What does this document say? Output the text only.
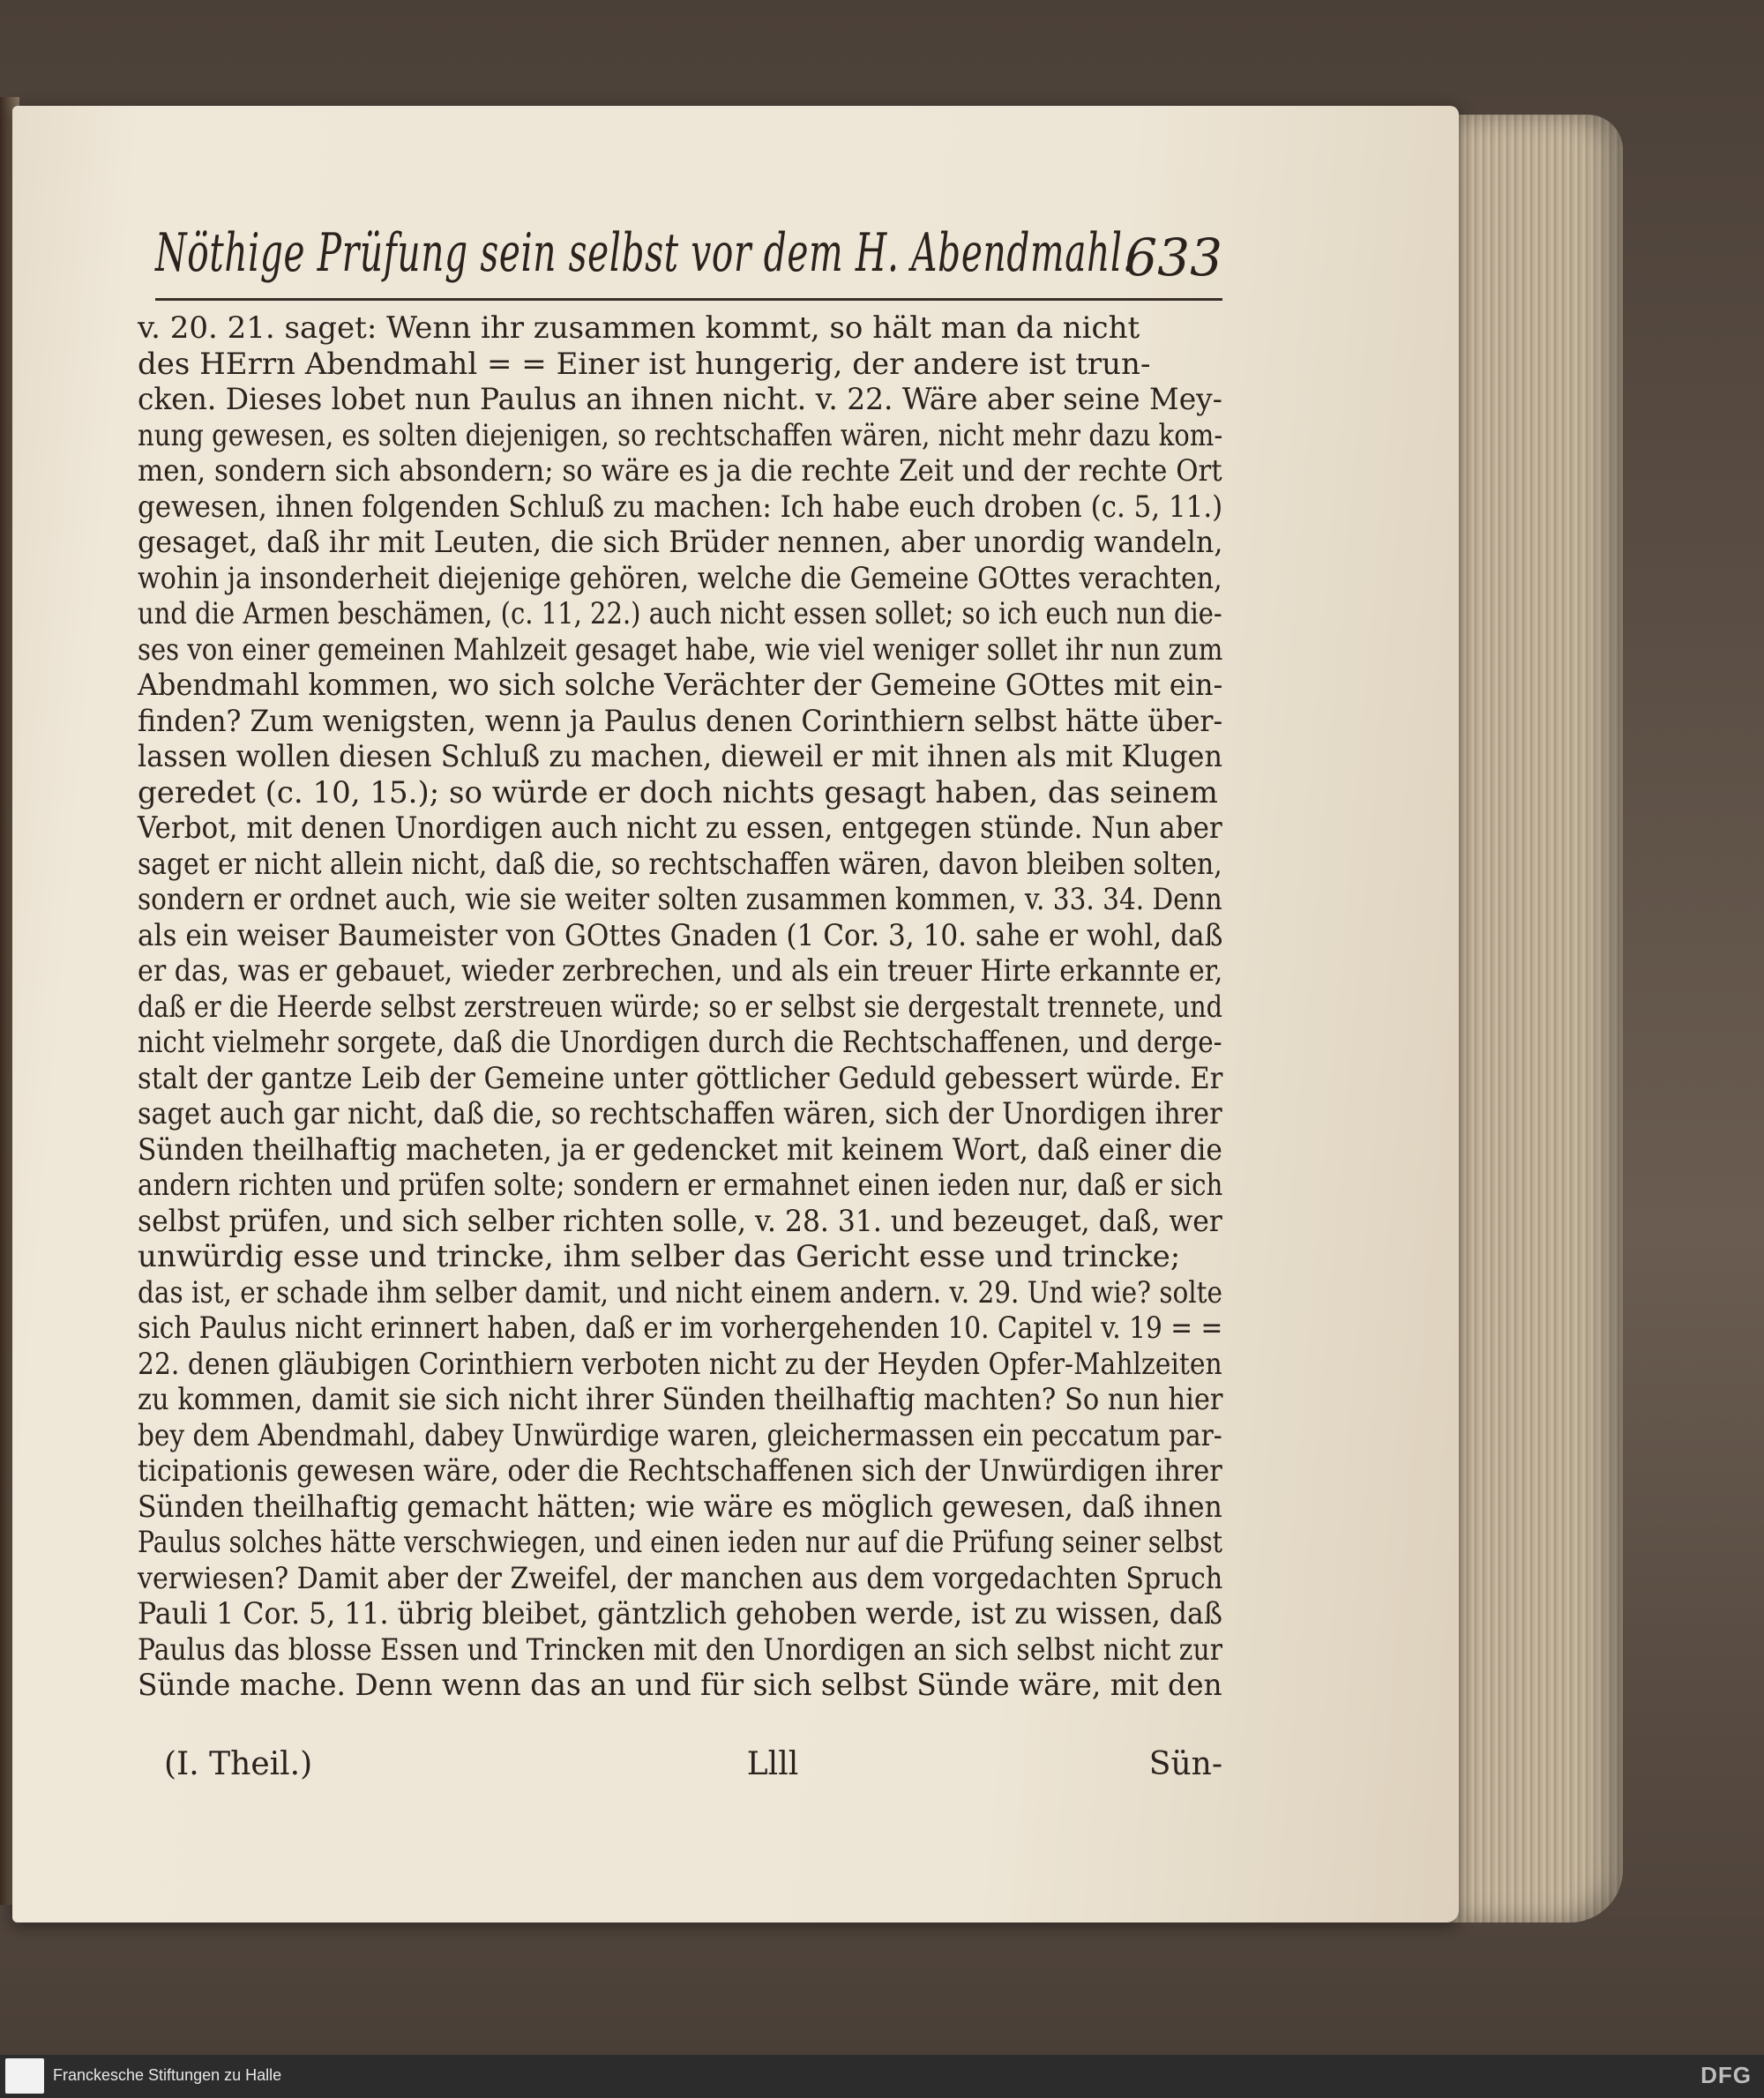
Nöthige Prüfung sein selbst vor dem H. Abendmahl.
633
v. 20. 21. saget: Wenn ihr zusammen kommt, so hält man da nicht
des HErrn Abendmahl = = Einer ist hungerig, der andere ist trun-
cken. Dieses lobet nun Paulus an ihnen nicht. v. 22. Wäre aber seine Mey-
nung gewesen, es solten diejenigen, so rechtschaffen wären, nicht mehr dazu kom-
men, sondern sich absondern; so wäre es ja die rechte Zeit und der rechte Ort
gewesen, ihnen folgenden Schluß zu machen: Ich habe euch droben (c. 5, 11.)
gesaget, daß ihr mit Leuten, die sich Brüder nennen, aber unordig wandeln,
wohin ja insonderheit diejenige gehören, welche die Gemeine GOttes verachten,
und die Armen beschämen, (c. 11, 22.) auch nicht essen sollet; so ich euch nun die-
ses von einer gemeinen Mahlzeit gesaget habe, wie viel weniger sollet ihr nun zum
Abendmahl kommen, wo sich solche Verächter der Gemeine GOttes mit ein-
finden? Zum wenigsten, wenn ja Paulus denen Corinthiern selbst hätte über-
lassen wollen diesen Schluß zu machen, dieweil er mit ihnen als mit Klugen
geredet (c. 10, 15.); so würde er doch nichts gesagt haben, das seinem
Verbot, mit denen Unordigen auch nicht zu essen, entgegen stünde. Nun aber
saget er nicht allein nicht, daß die, so rechtschaffen wären, davon bleiben solten,
sondern er ordnet auch, wie sie weiter solten zusammen kommen, v. 33. 34. Denn
als ein weiser Baumeister von GOttes Gnaden (1 Cor. 3, 10. sahe er wohl, daß
er das, was er gebauet, wieder zerbrechen, und als ein treuer Hirte erkannte er,
daß er die Heerde selbst zerstreuen würde; so er selbst sie dergestalt trennete, und
nicht vielmehr sorgete, daß die Unordigen durch die Rechtschaffenen, und derge-
stalt der gantze Leib der Gemeine unter göttlicher Geduld gebessert würde. Er
saget auch gar nicht, daß die, so rechtschaffen wären, sich der Unordigen ihrer
Sünden theilhaftig macheten, ja er gedencket mit keinem Wort, daß einer die
andern richten und prüfen solte; sondern er ermahnet einen ieden nur, daß er sich
selbst prüfen, und sich selber richten solle, v. 28. 31. und bezeuget, daß, wer
unwürdig esse und trincke, ihm selber das Gericht esse und trincke;
das ist, er schade ihm selber damit, und nicht einem andern. v. 29. Und wie? solte
sich Paulus nicht erinnert haben, daß er im vorhergehenden 10. Capitel v. 19 = =
22. denen gläubigen Corinthiern verboten nicht zu der Heyden Opfer-Mahlzeiten
zu kommen, damit sie sich nicht ihrer Sünden theilhaftig machten? So nun hier
bey dem Abendmahl, dabey Unwürdige waren, gleichermassen ein peccatum par-
ticipationis gewesen wäre, oder die Rechtschaffenen sich der Unwürdigen ihrer
Sünden theilhaftig gemacht hätten; wie wäre es möglich gewesen, daß ihnen
Paulus solches hätte verschwiegen, und einen ieden nur auf die Prüfung seiner selbst
verwiesen? Damit aber der Zweifel, der manchen aus dem vorgedachten Spruch
Pauli 1 Cor. 5, 11. übrig bleibet, gäntzlich gehoben werde, ist zu wissen, daß
Paulus das blosse Essen und Trincken mit den Unordigen an sich selbst nicht zur
Sünde mache. Denn wenn das an und für sich selbst Sünde wäre, mit den
(I. Theil.)	Llll	Sün-
Franckesche Stiftungen zu Halle	DFG
